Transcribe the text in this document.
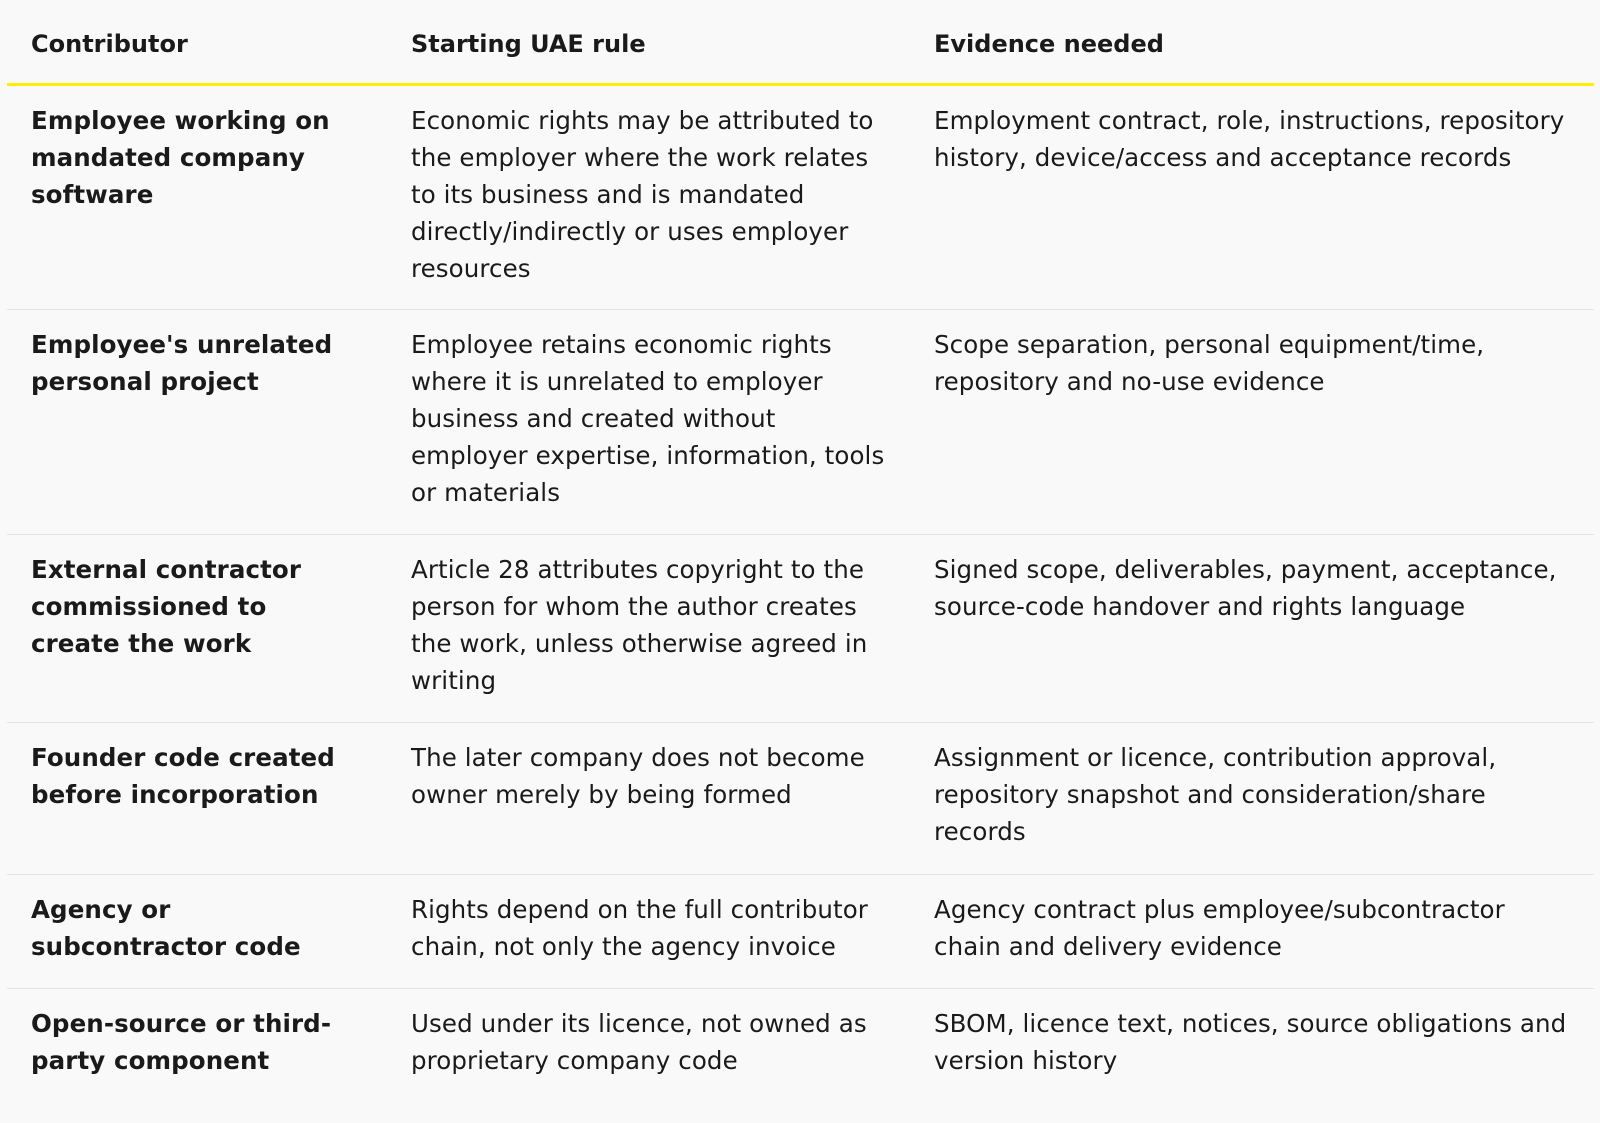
Contributor	Starting UAE rule	Evidence needed
Employee working on mandated company software	Economic rights may be attributed to the employer where the work relates to its business and is mandated directly/indirectly or uses employer resources	Employment contract, role, instructions, repository history, device/access and acceptance records
Employee's unrelated personal project	Employee retains economic rights where it is unrelated to employer business and created without employer expertise, information, tools or materials	Scope separation, personal equipment/time, repository and no-use evidence
External contractor commissioned to create the work	Article 28 attributes copyright to the person for whom the author creates the work, unless otherwise agreed in writing	Signed scope, deliverables, payment, acceptance, source-code handover and rights language
Founder code created before incorporation	The later company does not become owner merely by being formed	Assignment or licence, contribution approval, repository snapshot and consideration/share records
Agency or subcontractor code	Rights depend on the full contributor chain, not only the agency invoice	Agency contract plus employee/subcontractor chain and delivery evidence
Open-source or third-party component	Used under its licence, not owned as proprietary company code	SBOM, licence text, notices, source obligations and version history
